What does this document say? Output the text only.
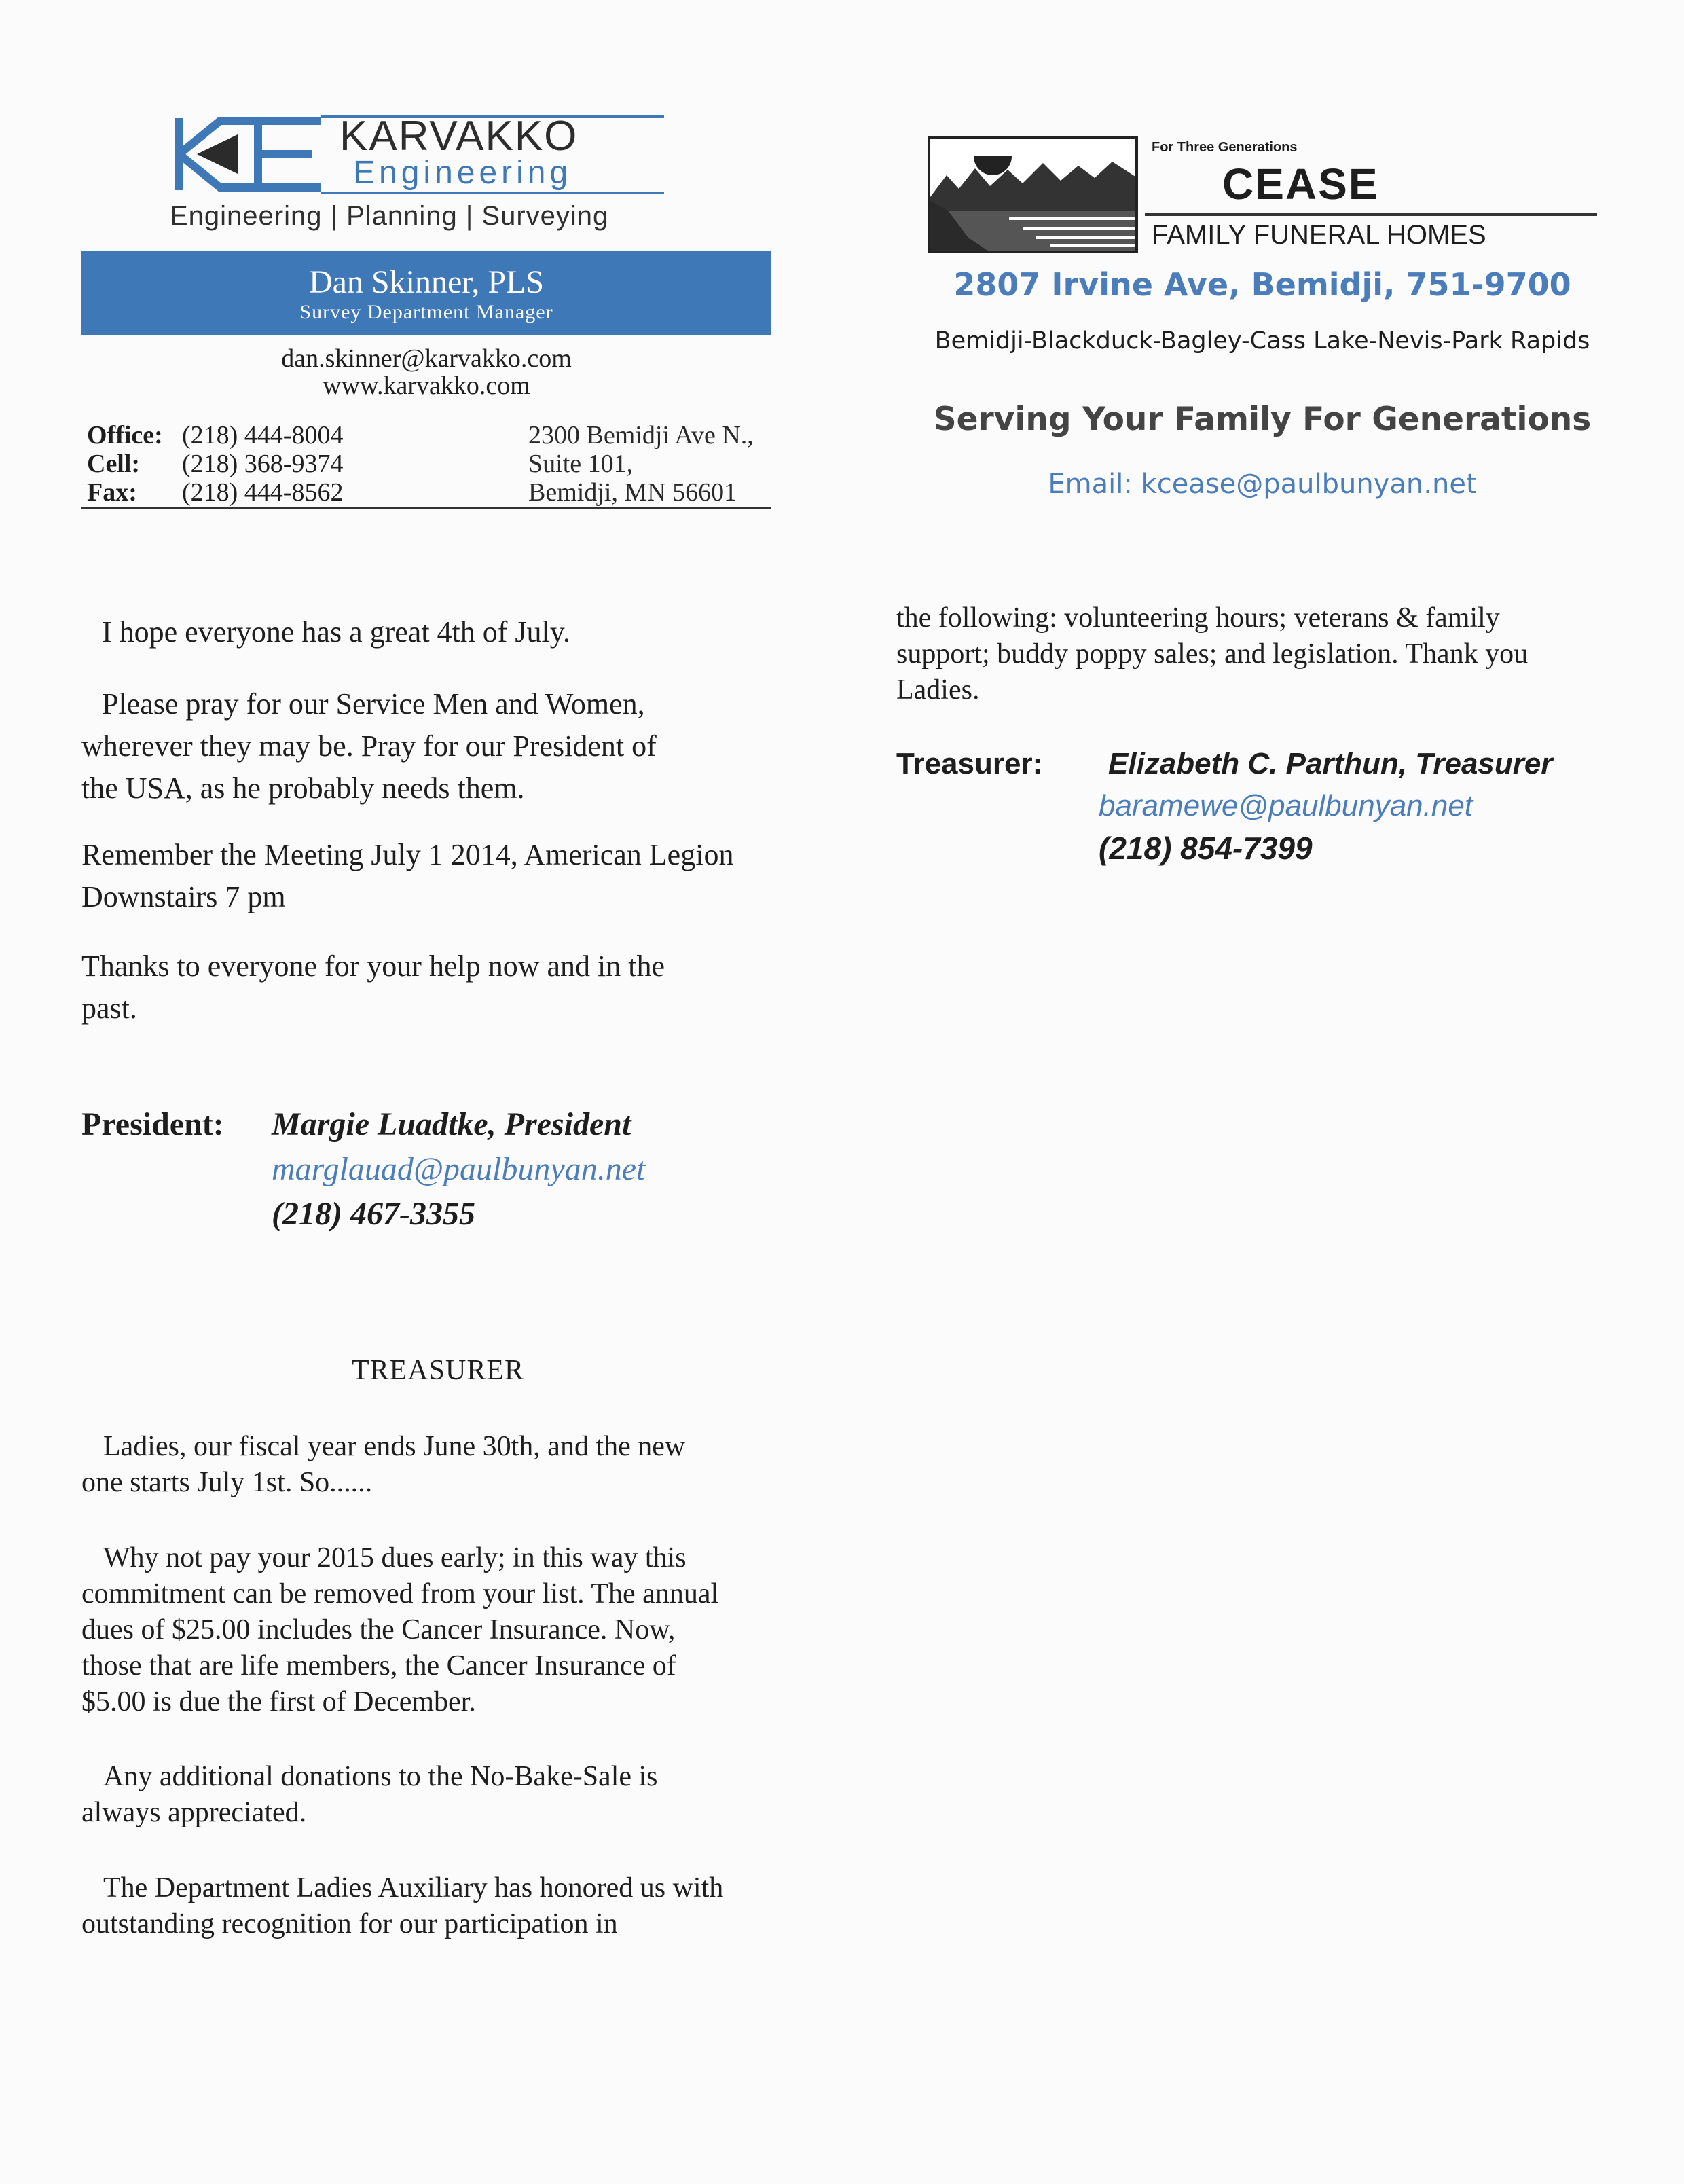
KARVAKKO
Engineering
Engineering | Planning | Surveying
Dan Skinner, PLS
Survey Department Manager
dan.skinner@karvakko.com
www.karvakko.com
Office: (218) 444-8004
Cell: (218) 368-9374
Fax: (218) 444-8562
2300 Bemidji Ave N.,
Suite 101,
Bemidji, MN 56601
For Three Generations
CEASE
FAMILY FUNERAL HOMES
2807 Irvine Ave, Bemidji, 751-9700
Bemidji-Blackduck-Bagley-Cass Lake-Nevis-Park Rapids
Serving Your Family For Generations
Email: kcease@paulbunyan.net
I hope everyone has a great 4th of July.
Please pray for our Service Men and Women,
wherever they may be. Pray for our President of
the USA, as he probably needs them.
Remember the Meeting July 1 2014, American Legion
Downstairs 7 pm
Thanks to everyone for your help now and in the
past.
President: Margie Luadtke, President
marglauad@paulbunyan.net
(218) 467-3355
TREASURER
Ladies, our fiscal year ends June 30th, and the new
one starts July 1st. So......
Why not pay your 2015 dues early; in this way this
commitment can be removed from your list. The annual
dues of $25.00 includes the Cancer Insurance. Now,
those that are life members, the Cancer Insurance of
$5.00 is due the first of December.
Any additional donations to the No-Bake-Sale is
always appreciated.
The Department Ladies Auxiliary has honored us with
outstanding recognition for our participation in
the following: volunteering hours; veterans & family
support; buddy poppy sales; and legislation. Thank you
Ladies.
Treasurer: Elizabeth C. Parthun, Treasurer
baramewe@paulbunyan.net
(218) 854-7399
